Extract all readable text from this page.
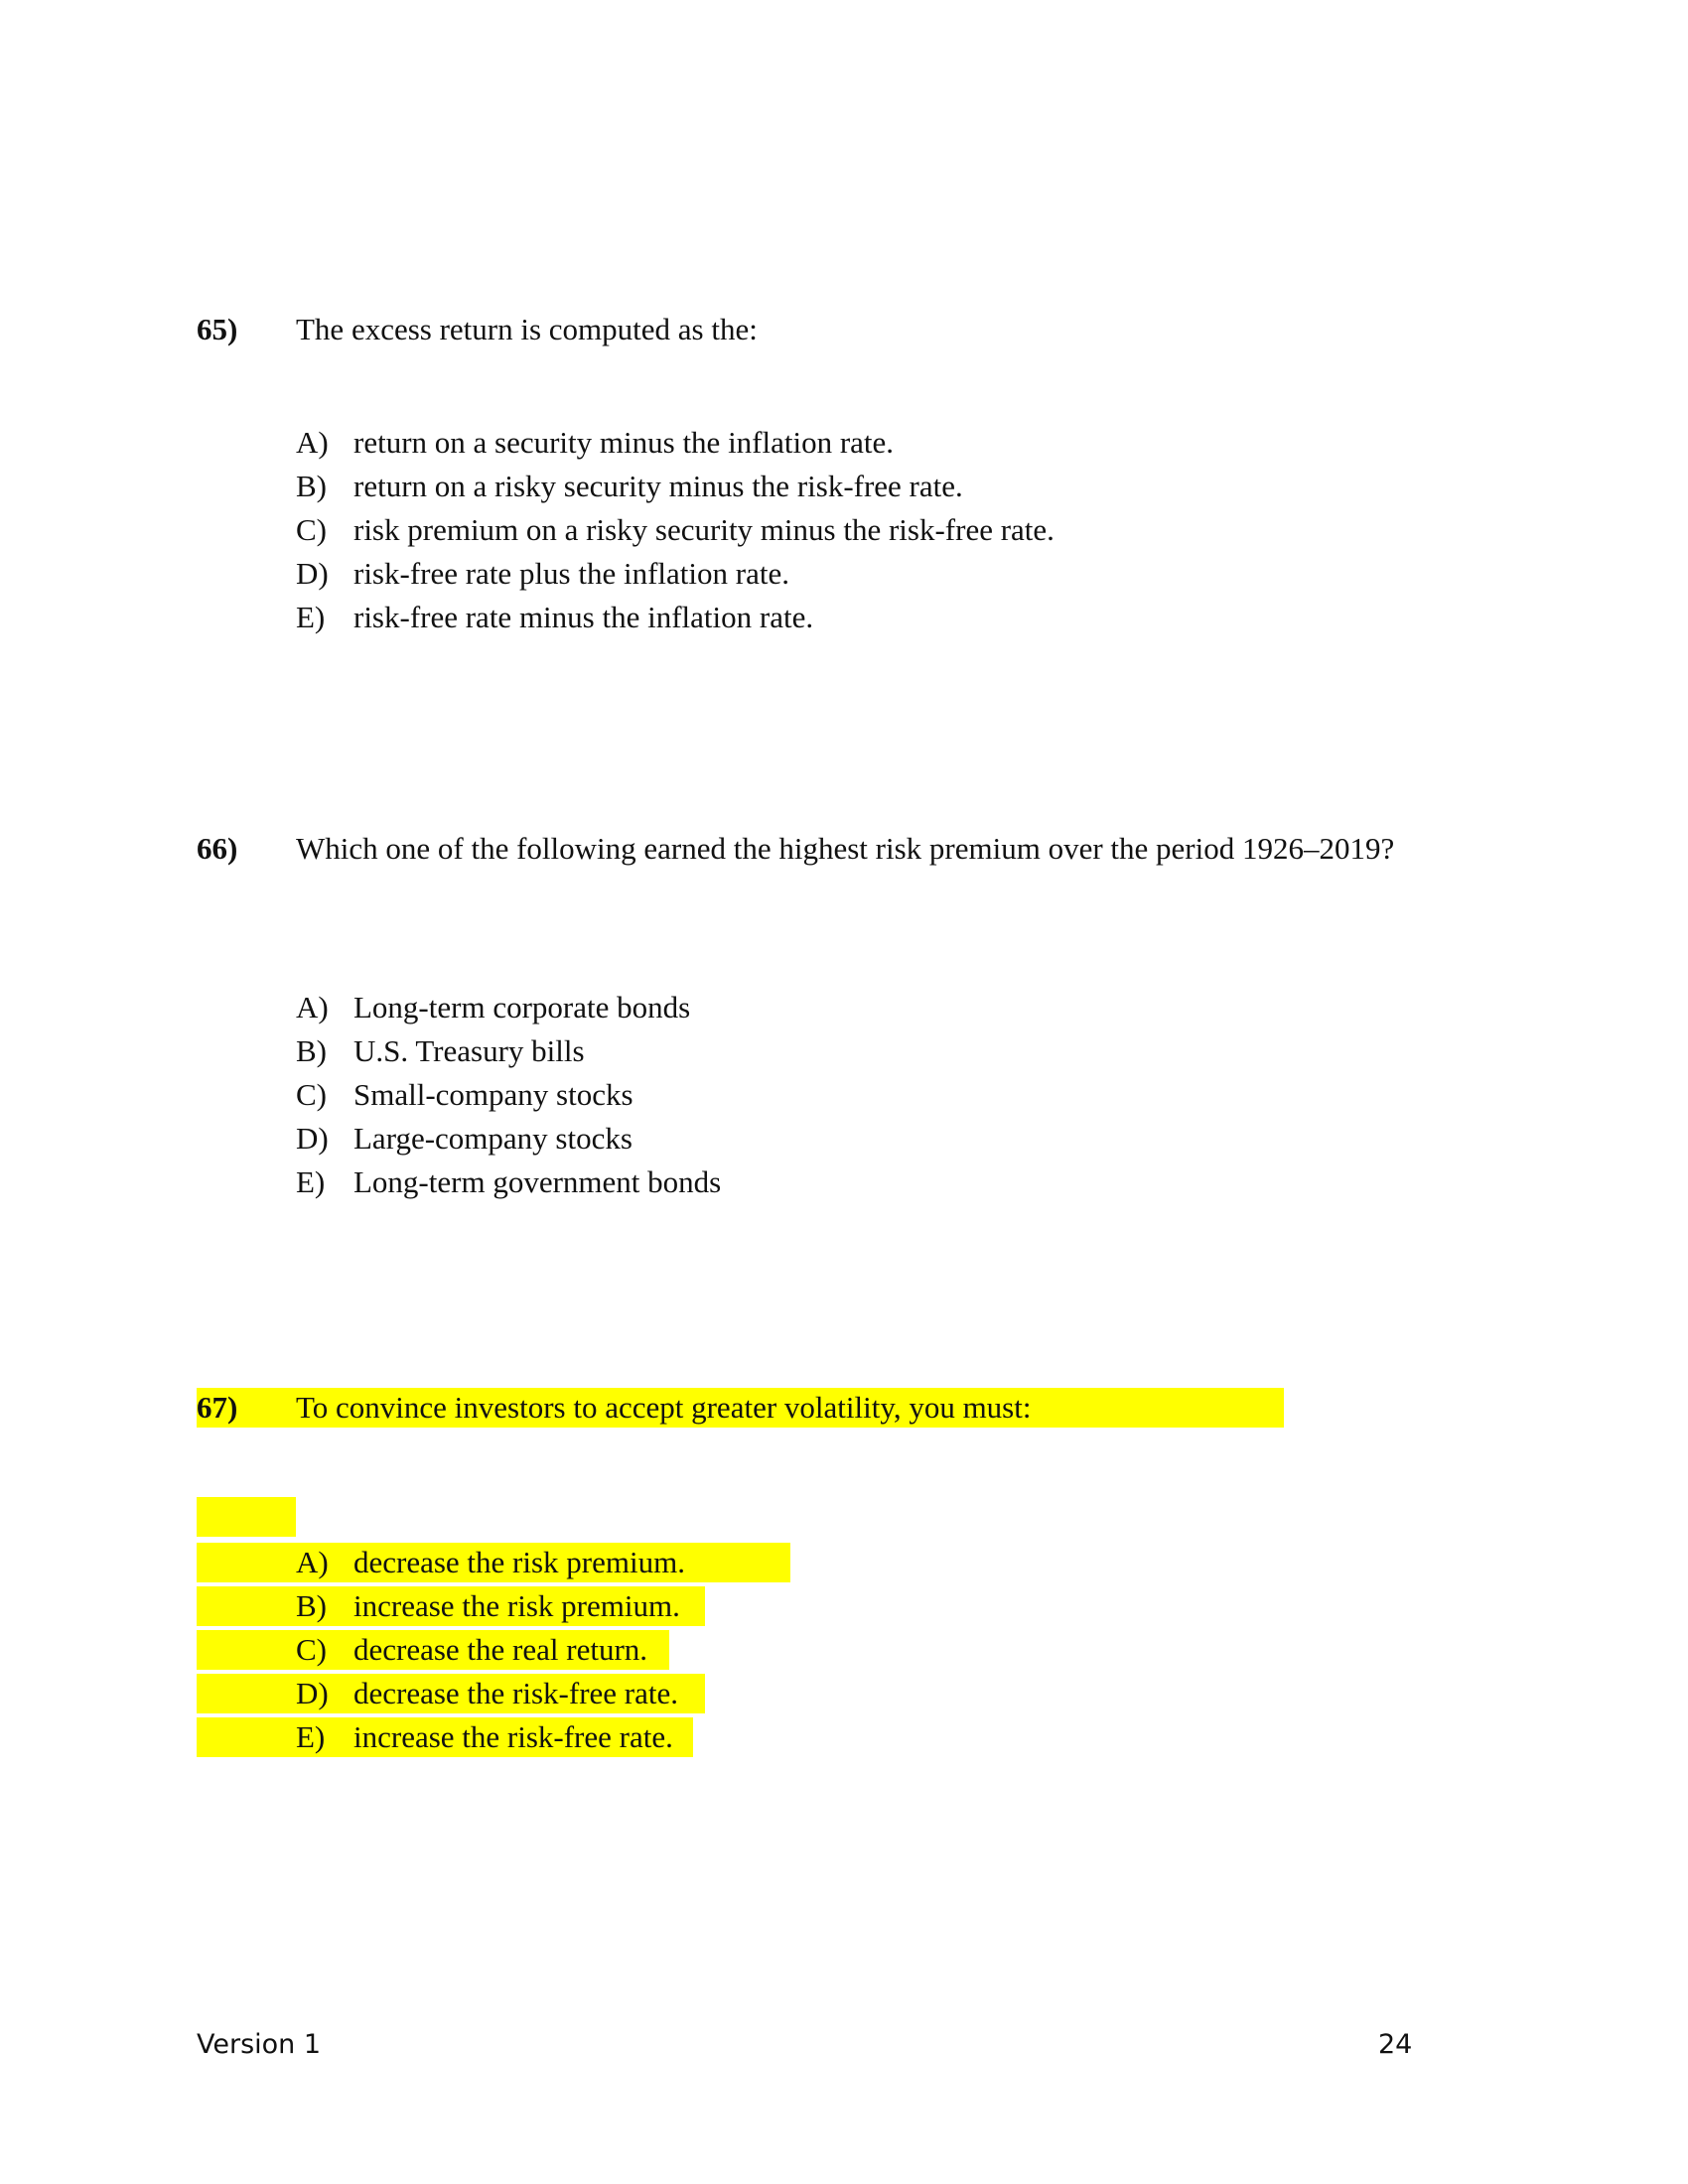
65) The excess return is computed as the:
A) return on a security minus the inflation rate.
B) return on a risky security minus the risk-free rate.
C) risk premium on a risky security minus the risk-free rate.
D) risk-free rate plus the inflation rate.
E) risk-free rate minus the inflation rate.
66) Which one of the following earned the highest risk premium over the period 1926–2019?
A) Long-term corporate bonds
B) U.S. Treasury bills
C) Small-company stocks
D) Large-company stocks
E) Long-term government bonds
67) To convince investors to accept greater volatility, you must:
A) decrease the risk premium.
B) increase the risk premium.
C) decrease the real return.
D) decrease the risk-free rate.
E) increase the risk-free rate.
Version 1	24
